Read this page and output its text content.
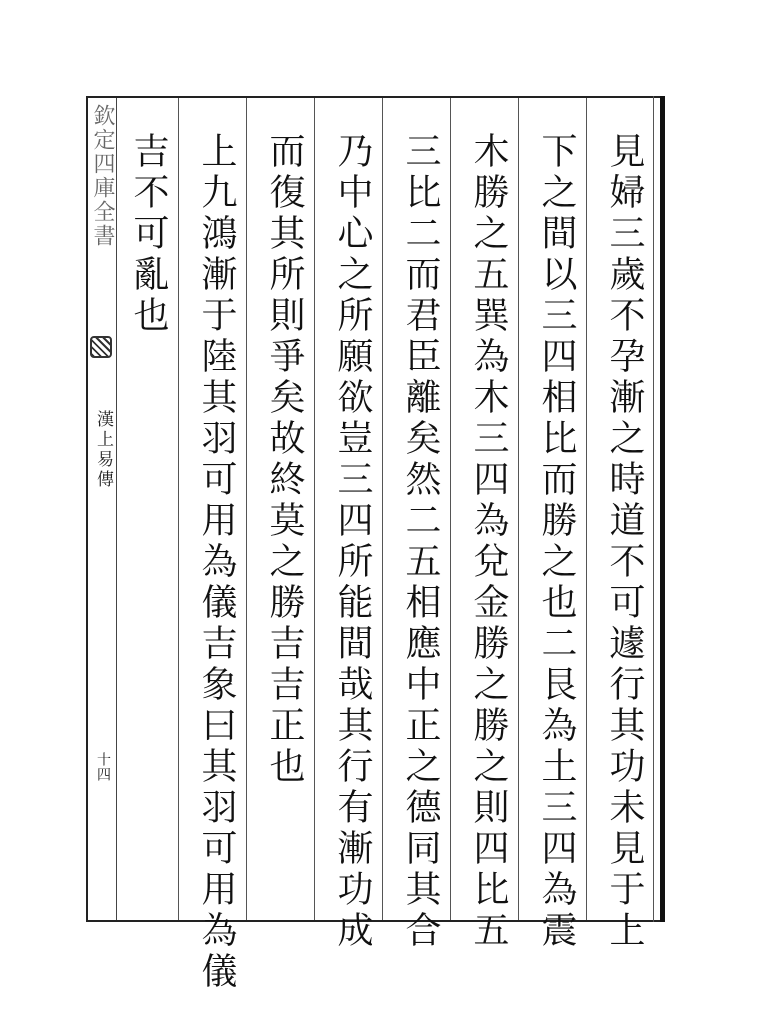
欽定四庫全書
漢上易傳
十四	見婦三歲不孕漸之時道不可遽行其功未見于上
下之間以三四相比而勝之也二艮為土三四為震
木勝之五巽為木三四為兌金勝之勝之則四比五
三比二而君臣離矣然二五相應中正之德同其合
乃中心之所願欲豈三四所能間哉其行有漸功成
而復其所則爭矣故終莫之勝吉吉正也
上九鴻漸于陸其羽可用為儀吉象曰其羽可用為儀
吉不可亂也
